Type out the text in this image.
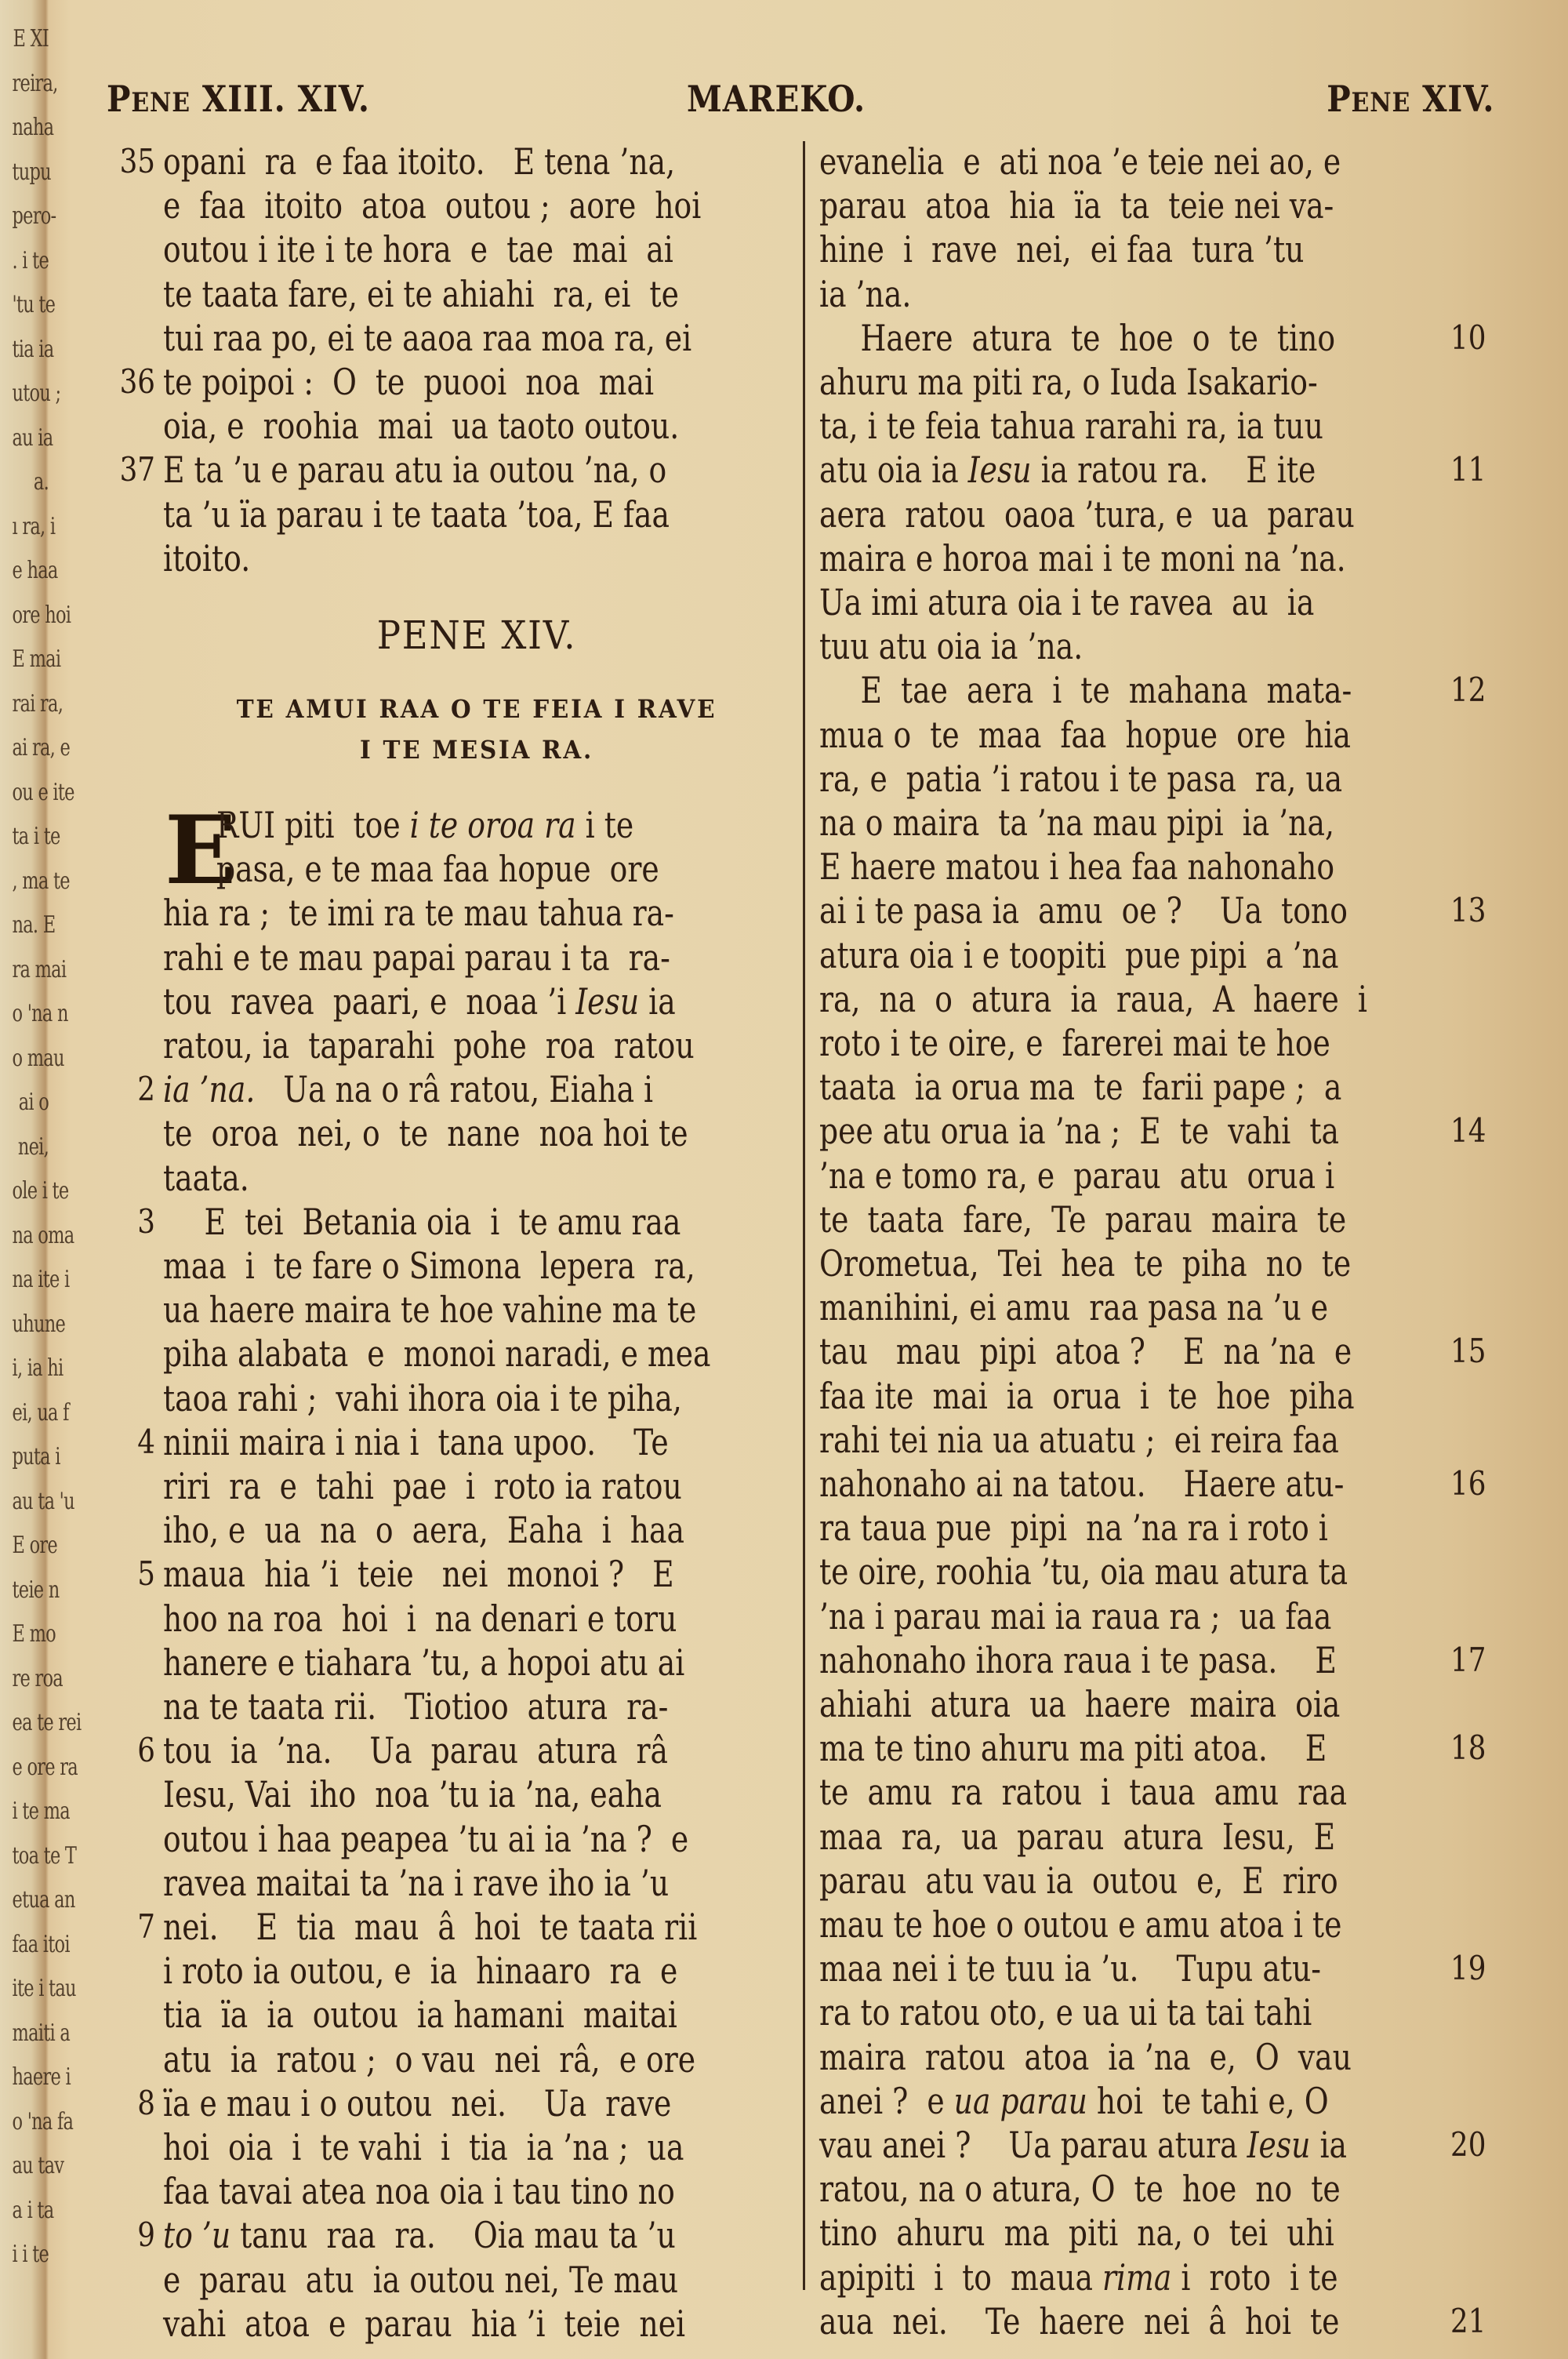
E XI
reira,
naha
tupu
pero-
. i te
'tu te
tia ia
utou ;
au ia
a.
ı ra, i
e haa
ore hoi
E mai
rai ra,
ai ra, e
ou e ite
ta i te
, ma te
na. E
ra mai
o 'na n
o mau
ai o
nei,
ole i te
na oma
na ite i
uhune
i, ia hi
ei, ua f
puta i
au ta 'u
E ore
teie n
E mo
re roa
ea te rei
e ore ra
i te ma
toa te T
etua an
faa itoi
ite i tau
maiti a
haere i
o 'na fa
au tav
a i ta
i i te
PENE XIII. XIV.	MAREKO.	PENE XIV.
PENE XIV.
TE AMUI RAA O TE FEIA I RAVE
I TE MESIA RA.
E
opani  ra  e faa itoito.   E tena ’na,
35
e  faa  itoito  atoa  outou ;  aore  hoi
outou i ite i te hora  e  tae  mai  ai
te taata fare, ei te ahiahi  ra, ei  te
tui raa po, ei te aaoa raa moa ra, ei
te poipoi :  O  te  puooi  noa  mai
36
oia, e  roohia  mai  ua taoto outou.
E ta ’u e parau atu ia outou ’na, o
37
ta ’u ïa parau i te taata ’toa, E faa
itoito.
RUI piti  toe i te oroa ra i te
pasa, e te maa faa hopue  ore
hia ra ;  te imi ra te mau tahua ra-
rahi e te mau papai parau i ta  ra-
tou  ravea  paari, e  noaa ’i Iesu ia
ratou, ia  taparahi  pohe  roa  ratou
ia ’na.   Ua na o râ ratou, Eiaha i
2
te  oroa  nei, o  te  nane  noa hoi te
taata.
E  tei  Betania oia  i  te amu raa
3
maa  i  te fare o Simona  lepera  ra,
ua haere maira te hoe vahine ma te
piha alabata  e  monoi naradi, e mea
taoa rahi ;  vahi ihora oia i te piha,
ninii maira i nia i  tana upoo.    Te
4
riri  ra  e  tahi  pae  i  roto ia ratou
iho, e  ua  na  o  aera,  Eaha  i  haa
maua  hia ’i  teie   nei  monoi ?   E
5
hoo na roa  hoi  i  na denari e toru
hanere e tiahara ’tu, a hopoi atu ai
na te taata rii.   Tiotioo  atura  ra-
tou  ia  ’na.    Ua  parau  atura  râ
6
Iesu, Vai  iho  noa ’tu ia ’na, eaha
outou i haa peapea ’tu ai ia ’na ?  e
ravea maitai ta ’na i rave iho ia ’u
nei.    E  tia  mau  â  hoi  te taata rii
7
i roto ia outou, e  ia  hinaaro  ra  e
tia  ïa  ia  outou  ia hamani  maitai
atu  ia  ratou ;  o vau  nei  râ,  e ore
ïa e mau i o outou  nei.    Ua  rave
8
hoi  oia  i  te vahi  i  tia  ia ’na ;  ua
faa tavai atea noa oia i tau tino no
to ’u tanu  raa  ra.    Oia mau ta ’u
9
e  parau  atu  ia outou nei, Te mau
vahi  atoa  e  parau  hia ’i  teie  nei
evanelia  e  ati noa ’e teie nei ao, e
parau  atoa  hia  ïa  ta  teie nei va-
hine  i  rave  nei,  ei faa  tura ’tu
ia ’na.
Haere  atura  te  hoe  o  te  tino	10
ahuru ma piti ra, o Iuda Isakario-
ta, i te feia tahua rarahi ra, ia tuu
atu oia ia Iesu ia ratou ra.    E ite	11
aera  ratou  oaoa ’tura, e  ua  parau
maira e horoa mai i te moni na ’na.
Ua imi atura oia i te ravea  au  ia
tuu atu oia ia ’na.
E  tae  aera  i  te  mahana  mata-	12
mua o  te  maa  faa  hopue  ore  hia
ra, e  patia ’i ratou i te pasa  ra, ua
na o maira  ta ’na mau pipi  ia ’na,
E haere matou i hea faa nahonaho
ai i te pasa ia  amu  oe ?    Ua  tono	13
atura oia i e toopiti  pue pipi  a ’na
ra,  na  o  atura  ia  raua,  A  haere  i
roto i te oire, e  farerei mai te hoe
taata  ia orua ma  te  farii pape ;  a
pee atu orua ia ’na ;  E  te  vahi  ta	14
’na e tomo ra, e  parau  atu  orua i
te  taata  fare,  Te  parau  maira  te
Orometua,  Tei  hea  te  piha  no  te
manihini, ei amu  raa pasa na ’u e
tau   mau  pipi  atoa ?    E  na ’na  e	15
faa ite  mai  ia  orua  i  te  hoe  piha
rahi tei nia ua atuatu ;  ei reira faa
nahonaho ai na tatou.    Haere atu-	16
ra taua pue  pipi  na ’na ra i roto i
te oire, roohia ’tu, oia mau atura ta
’na i parau mai ia raua ra ;  ua faa
nahonaho ihora raua i te pasa.    E	17
ahiahi  atura  ua  haere  maira  oia
ma te tino ahuru ma piti atoa.    E	18
te  amu  ra  ratou  i  taua  amu  raa
maa  ra,  ua  parau  atura  Iesu,  E
parau  atu vau ia  outou  e,  E  riro
mau te hoe o outou e amu atoa i te
maa nei i te tuu ia ’u.    Tupu atu-	19
ra to ratou oto, e ua ui ta tai tahi
maira  ratou  atoa  ia ’na  e,  O  vau
anei ?  e ua parau hoi  te tahi e, O
vau anei ?    Ua parau atura Iesu ia	20
ratou, na o atura, O  te  hoe  no  te
tino  ahuru  ma  piti  na, o  tei  uhi
apipiti  i  to  maua rima i  roto  i te
aua  nei.    Te  haere  nei  â  hoi  te	21
